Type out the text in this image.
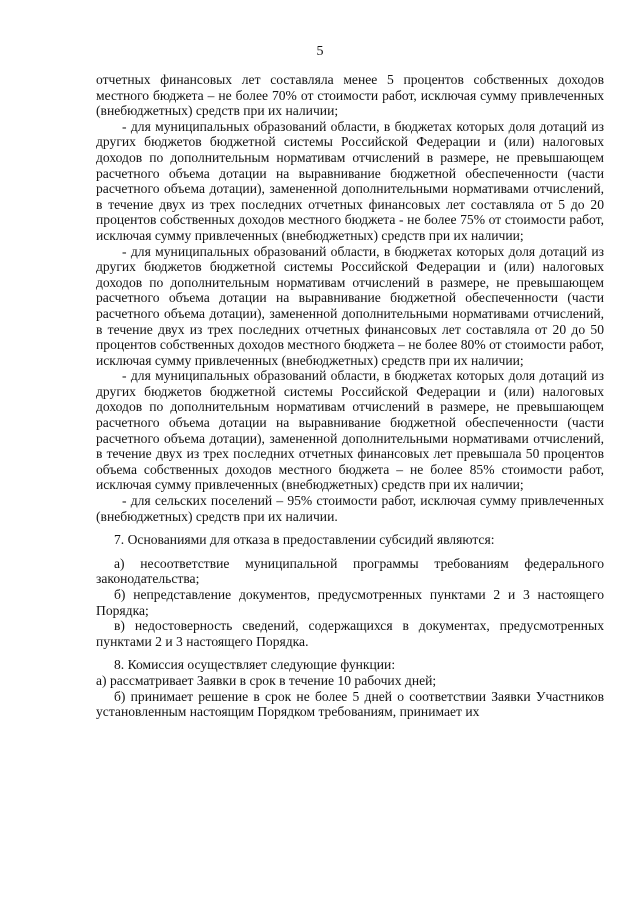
5

отчетных финансовых лет составляла менее 5 процентов собственных доходов местного бюджета – не более 70% от стоимости работ, исключая сумму привлеченных (внебюджетных) средств при их наличии;

- для муниципальных образований области, в бюджетах которых доля дотаций из других бюджетов бюджетной системы Российской Федерации и (или) налоговых доходов по дополнительным нормативам отчислений в размере, не превышающем расчетного объема дотации на выравнивание бюджетной обеспеченности (части расчетного объема дотации), замененной дополнительными нормативами отчислений, в течение двух из трех последних отчетных финансовых лет составляла от 5 до 20 процентов собственных доходов местного бюджета - не более 75% от стоимости работ, исключая сумму привлеченных (внебюджетных) средств при их наличии;

- для муниципальных образований области, в бюджетах которых доля дотаций из других бюджетов бюджетной системы Российской Федерации и (или) налоговых доходов по дополнительным нормативам отчислений в размере, не превышающем расчетного объема дотации на выравнивание бюджетной обеспеченности (части расчетного объема дотации), замененной дополнительными нормативами отчислений, в течение двух из трех последних отчетных финансовых лет составляла от 20 до 50 процентов собственных доходов местного бюджета – не более 80% от стоимости работ, исключая сумму привлеченных (внебюджетных) средств при их наличии;

- для муниципальных образований области, в бюджетах которых доля дотаций из других бюджетов бюджетной системы Российской Федерации и (или) налоговых доходов по дополнительным нормативам отчислений в размере, не превышающем расчетного объема дотации на выравнивание бюджетной обеспеченности (части расчетного объема дотации), замененной дополнительными нормативами отчислений, в течение двух из трех последних отчетных финансовых лет превышала 50 процентов объема собственных доходов местного бюджета – не более 85% стоимости работ, исключая сумму привлеченных (внебюджетных) средств при их наличии;

- для сельских поселений – 95% стоимости работ, исключая сумму привлеченных (внебюджетных) средств при их наличии.

7. Основаниями для отказа в предоставлении субсидий являются:

а) несоответствие муниципальной программы требованиям федерального законодательства;

б) непредставление документов, предусмотренных пунктами 2 и 3 настоящего Порядка;

в) недостоверность сведений, содержащихся в документах, предусмотренных пунктами 2 и 3 настоящего Порядка.

8. Комиссия осуществляет следующие функции:

а) рассматривает Заявки в срок в течение 10 рабочих дней;

б) принимает решение в срок не более 5 дней о соответствии Заявки Участников установленным настоящим Порядком требованиям, принимает их
